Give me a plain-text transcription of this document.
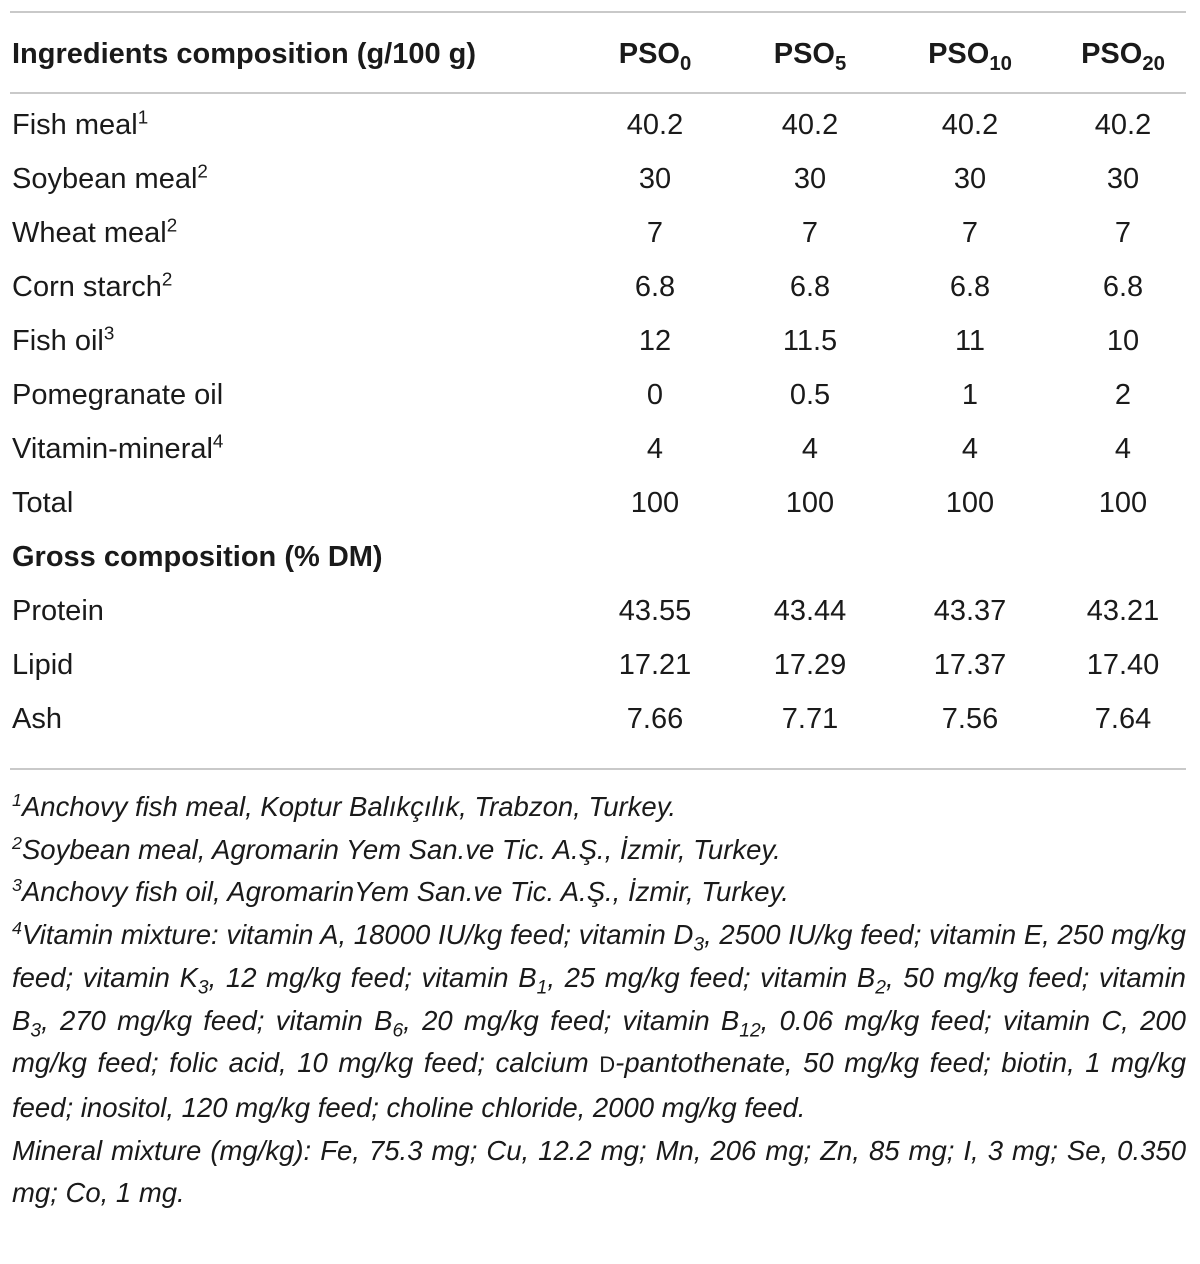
Ingredients composition (g/100 g)	$PSO_0$	$PSO_5$	$PSO_{10}$	$PSO_{20}$
Fish meal$^1$	40.2	40.2	40.2	40.2
Soybean meal$^2$	30	30	30	30
Wheat meal$^2$	7	7	7	7
Corn starch$^2$	6.8	6.8	6.8	6.8
Fish oil$^3$	12	11.5	11	10
Pomegranate oil	0	0.5	1	2
Vitamin-mineral$^4$	4	4	4	4
Total	100	100	100	100
Gross composition (% DM)				
Protein	43.55	43.44	43.37	43.21
Lipid	17.21	17.29	17.37	17.40
Ash	7.66	7.71	7.56	7.64

$^1$Anchovy fish meal, Koptur Balıkçılık, Trabzon, Turkey.

$^2$Soybean meal, Agromarin Yem San.ve Tic. A.Ş., İzmir, Turkey.

$^3$Anchovy fish oil, AgromarinYem San.ve Tic. A.Ş., İzmir, Turkey.

$^4$Vitamin mixture: vitamin A, 18000 IU/kg feed; vitamin $D_3$, 2500 IU/kg feed; vitamin E, 250 mg/kg feed; vitamin $K_3$, 12 mg/kg feed; vitamin $B_1$, 25 mg/kg feed; vitamin $B_2$, 50 mg/kg feed; vitamin $B_3$, 270 mg/kg feed; vitamin $B_6$, 20 mg/kg feed; vitamin $B_{12}$, 0.06 mg/kg feed; vitamin C, 200 mg/kg feed; folic acid, 10 mg/kg feed; calcium D-pantothenate, 50 mg/kg feed; biotin, 1 mg/kg feed; inositol, 120 mg/kg feed; choline chloride, 2000 mg/kg feed.

Mineral mixture (mg/kg): Fe, 75.3 mg; Cu, 12.2 mg; Mn, 206 mg; Zn, 85 mg; I, 3 mg; Se, 0.350 mg; Co, 1 mg.
